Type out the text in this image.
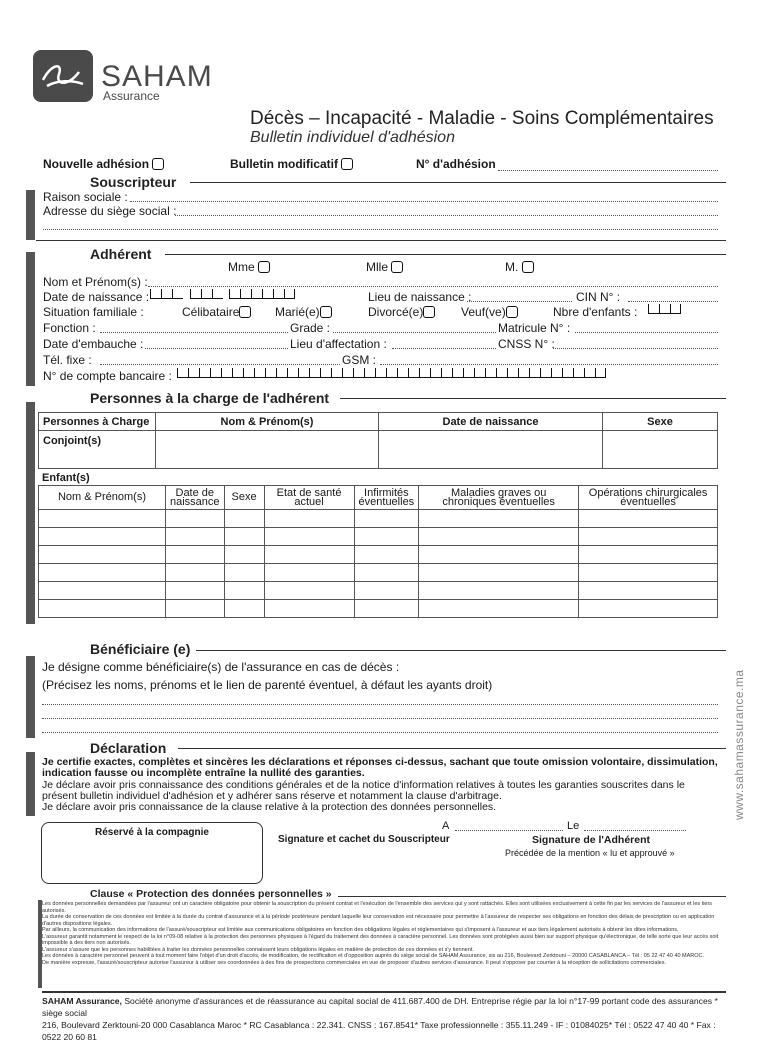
SAHAM
Assurance
Décès – Incapacité - Maladie - Soins Complémentaires
Bulletin individuel d'adhésion
Nouvelle adhésion	Bulletin modificatif	N° d'adhésion
Souscripteur
Raison sociale :
Adresse du siège social :
Adhérent
Mme	Mlle	M.
Nom et Prénom(s) :
Date de naissance :
	Lieu de naissance :	CIN N° :
Situation familiale :	Célibataire	Marié(e)	Divorcé(e)	Veuf(ve)	Nbre d'enfants :
Fonction :	Grade :	Matricule N° :
Date d'embauche :	Lieu d'affectation :	CNSS N° :
Tél. fixe :	GSM :
N° de compte bancaire :
Personnes à la charge de l'adhérent
Personnes à Charge	Nom & Prénom(s)	Date de naissance	Sexe
Conjoint(s)			
Enfant(s)
Nom & Prénom(s)	Date de naissance	Sexe	Etat de santé actuel	Infirmités éventuelles	Maladies graves ou chroniques éventuelles	Opérations chirurgicales éventuelles

Bénéficiaire (e)
Je désigne comme bénéficiaire(s) de l'assurance en cas de décès :
(Précisez les noms, prénoms et le lien de parenté éventuel, à défaut les ayants droit)
Déclaration
Je certifie exactes, complètes et sincères les déclarations et réponses ci-dessus, sachant que toute omission volontaire, dissimulation, indication fausse ou incomplète entraîne la nullité des garanties.
Je déclare avoir pris connaissance des conditions générales et de la notice d'information relatives à toutes les garanties souscrites dans le présent bulletin individuel d'adhésion et y adhérer sans réserve et notamment la clause d'arbitrage.
Je déclare avoir pris connaissance de la clause relative à la protection des données personnelles.
Réservé à la compagnie
A	Le
Signature et cachet du Souscripteur	Signature de l'Adhérent
Précédée de la mention « lu et approuvé »
Clause « Protection des données personnelles »
Les données personnelles demandées par l'assureur ont un caractère obligatoire pour obtenir la souscription du présent contrat et l'exécution de l'ensemble des services qui y sont rattachés. Elles sont utilisées exclusivement à cette fin par les services de l'assureur et les tiers autorisés.
La durée de conservation de ces données est limitée à la durée du contrat d'assurance et à la période postérieure pendant laquelle leur conservation est nécessaire pour permettre à l'assureur de respecter ses obligations en fonction des délais de prescription ou en application d'autres dispositions légales.
Par ailleurs, la communication des informations de l'assuré/souscripteur est limitée aux communications obligatoires en fonction des obligations légales et réglementaires qui s'imposent à l'assureur et aux tiers légalement autorisés à obtenir les dites informations.
L'assureur garantit notamment le respect de la loi n°09-08 relative à la protection des personnes physiques à l'égard du traitement des données à caractère personnel. Les données sont protégées aussi bien sur support physique qu'électronique, de telle sorte que leur accès soit impossible à des tiers non autorisés.
L'assureur s'assure que les personnes habilitées à traiter les données personnelles connaissent leurs obligations légales en matière de protection de ces données et s'y tiennent.
Les données à caractère personnel peuvent à tout moment faire l'objet d'un droit d'accès, de modification, de rectification et d'opposition auprès du siège social de SAHAM Assurance, sis au 216, Boulevard Zerktouni – 20000 CASABLANCA – Tél : 05 22 47 40 40 MAROC.
De manière expresse, l'assuré/souscripteur autorise l'assureur à utiliser ses coordonnées à des fins de prospections commerciales en vue de proposer d'autres services d'assurance. Il peut s'opposer par courrier à la réception de sollicitations commerciales.
SAHAM Assurance, Société anonyme d'assurances et de réassurance au capital social de 411.687.400 de DH. Entreprise régie par la loi n°17-99 portant code des assurances * siège social
216, Boulevard Zerktouni-20 000 Casablanca Maroc * RC Casablanca : 22.341. CNSS : 167.8541* Taxe professionnelle : 355.11.249 - IF : 01084025* Tél : 0522 47 40 40 * Fax : 0522 20 60 81
www.sahamassurance.ma
